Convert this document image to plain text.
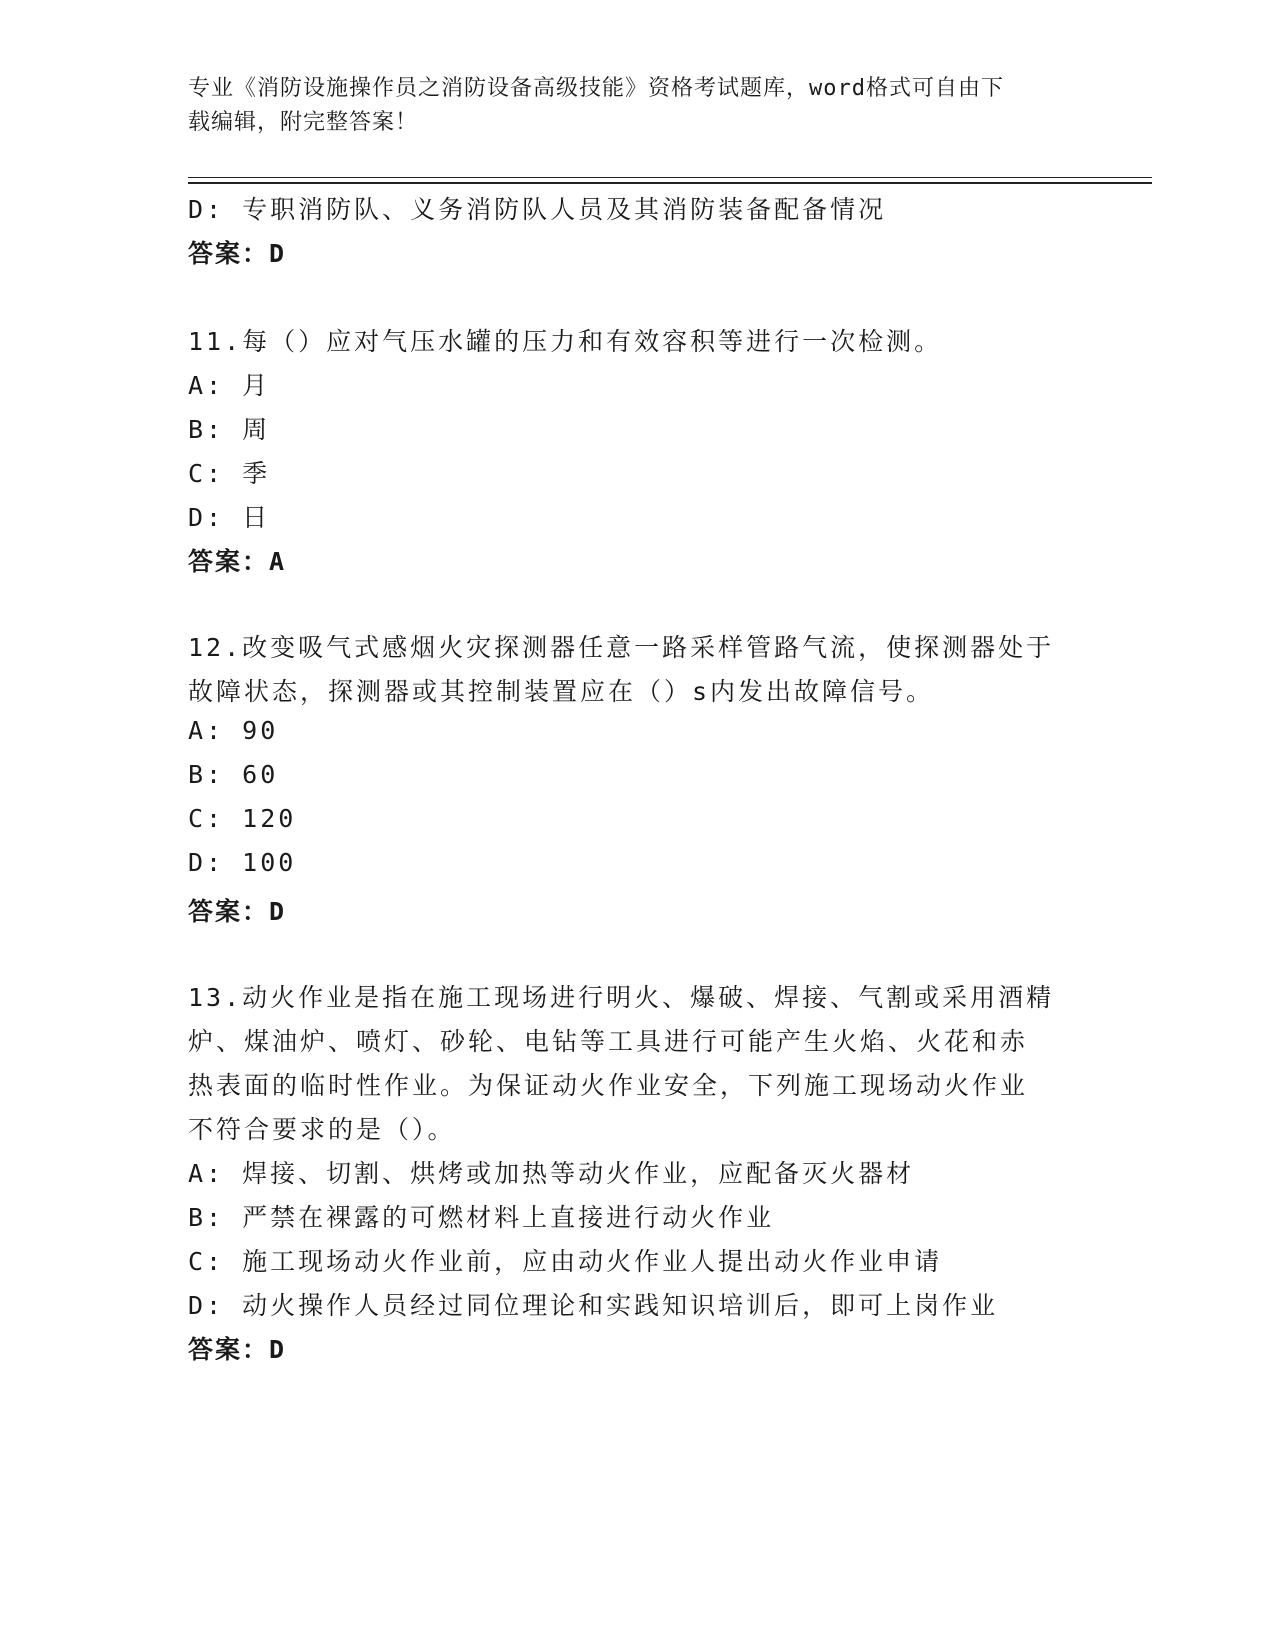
专业《消防设施操作员之消防设备高级技能》资格考试题库，word格式可自由下
载编辑，附完整答案！
D: 专职消防队、义务消防队人员及其消防装备配备情况
答案：D
11.每（）应对气压水罐的压力和有效容积等进行一次检测。
A: 月
B: 周
C: 季
D: 日
答案：A
12.改变吸气式感烟火灾探测器任意一路采样管路气流，使探测器处于
故障状态，探测器或其控制装置应在（）s内发出故障信号。
A: 90
B: 60
C: 120
D: 100
答案：D
13.动火作业是指在施工现场进行明火、爆破、焊接、气割或采用酒精
炉、煤油炉、喷灯、砂轮、电钻等工具进行可能产生火焰、火花和赤
热表面的临时性作业。为保证动火作业安全，下列施工现场动火作业
不符合要求的是（）。
A: 焊接、切割、烘烤或加热等动火作业，应配备灭火器材
B: 严禁在裸露的可燃材料上直接进行动火作业
C: 施工现场动火作业前，应由动火作业人提出动火作业申请
D: 动火操作人员经过同位理论和实践知识培训后，即可上岗作业
答案：D
